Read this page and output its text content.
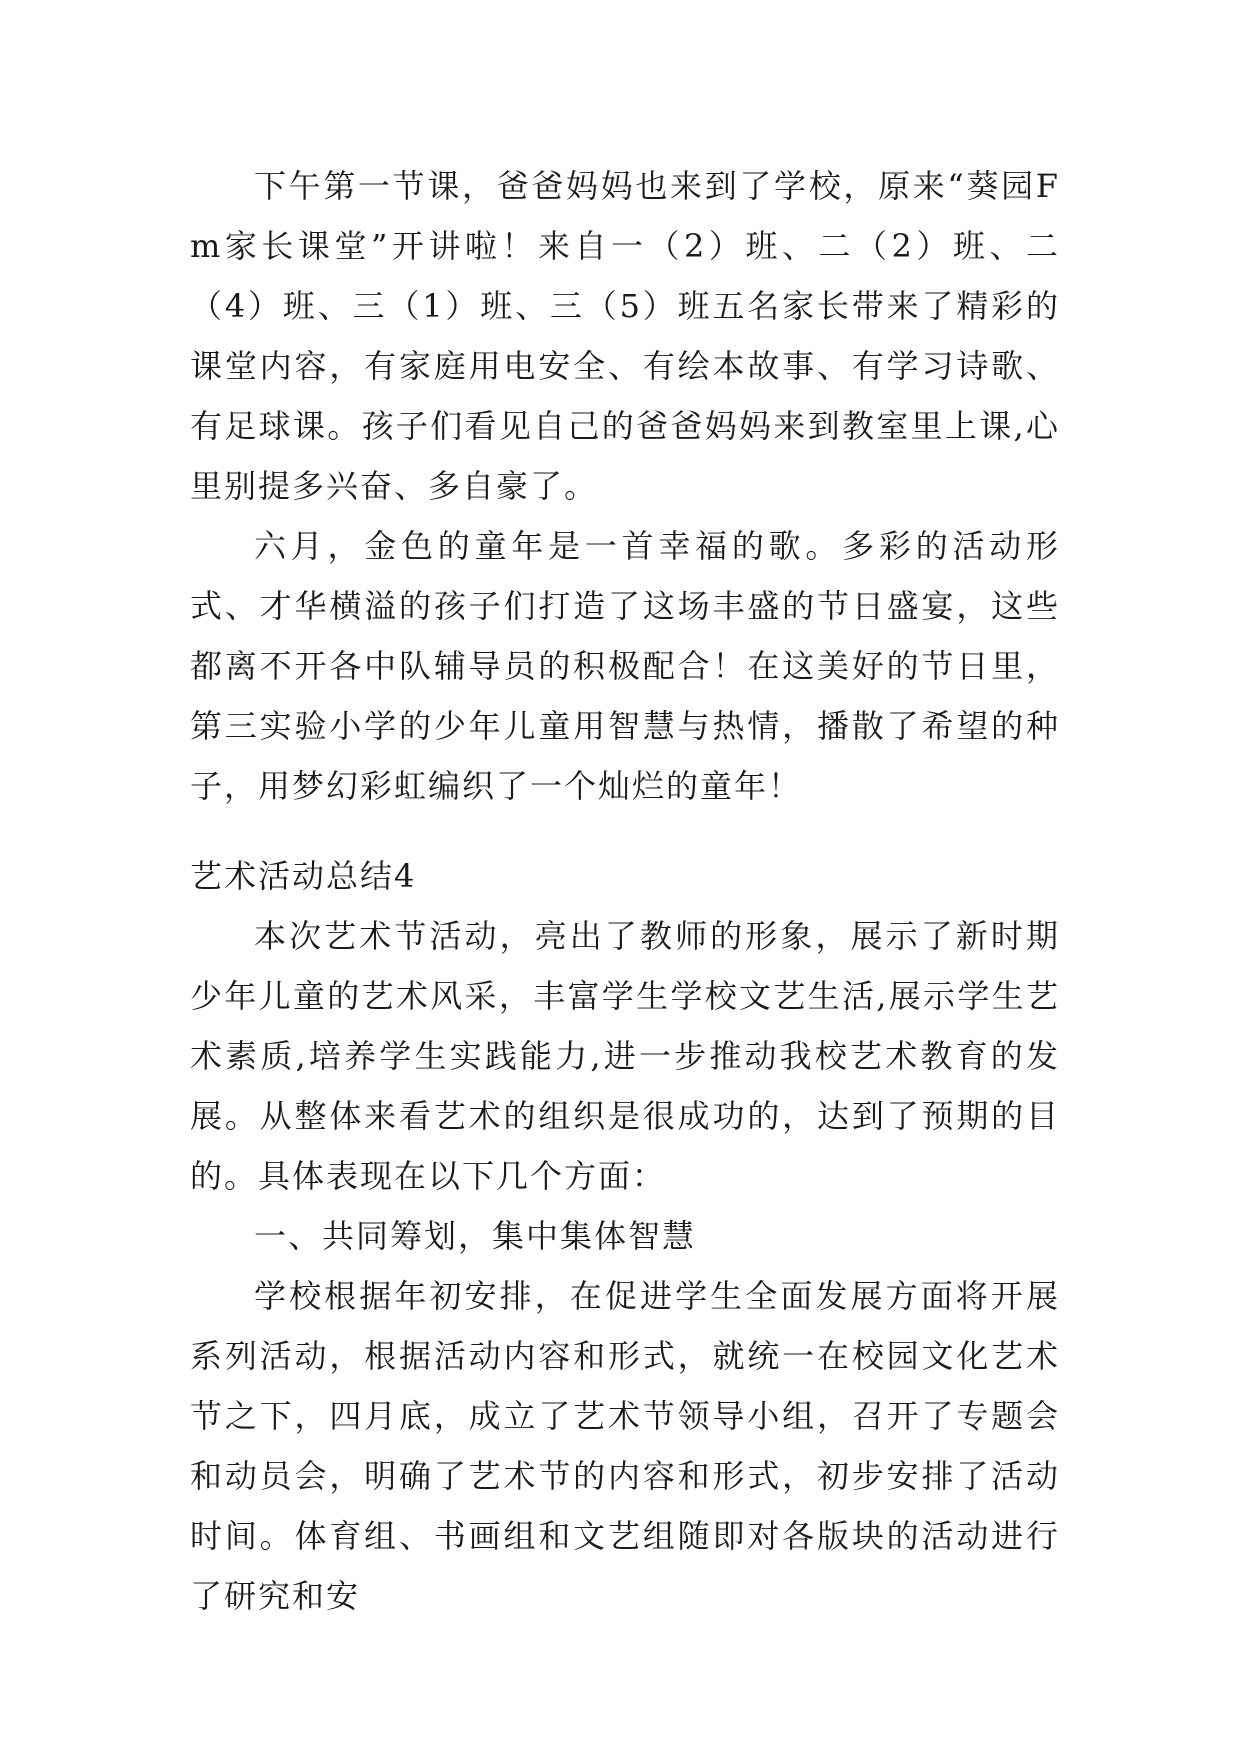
下午第一节课，爸爸妈妈也来到了学校，原来“葵园Fm家长课堂”开讲啦！来自一（2）班、二（2）班、二（4）班、三（1）班、三（5）班五名家长带来了精彩的课堂内容，有家庭用电安全、有绘本故事、有学习诗歌、有足球课。孩子们看见自己的爸爸妈妈来到教室里上课,心里别提多兴奋、多自豪了。

六月，金色的童年是一首幸福的歌。多彩的活动形式、才华横溢的孩子们打造了这场丰盛的节日盛宴，这些都离不开各中队辅导员的积极配合！在这美好的节日里，第三实验小学的少年儿童用智慧与热情，播散了希望的种子，用梦幻彩虹编织了一个灿烂的童年！

艺术活动总结4

本次艺术节活动，亮出了教师的形象，展示了新时期少年儿童的艺术风采，丰富学生学校文艺生活,展示学生艺术素质,培养学生实践能力,进一步推动我校艺术教育的发展。从整体来看艺术的组织是很成功的，达到了预期的目的。具体表现在以下几个方面：

一、共同筹划，集中集体智慧

学校根据年初安排，在促进学生全面发展方面将开展系列活动，根据活动内容和形式，就统一在校园文化艺术节之下，四月底，成立了艺术节领导小组，召开了专题会和动员会，明确了艺术节的内容和形式，初步安排了活动时间。体育组、书画组和文艺组随即对各版块的活动进行了研究和安
